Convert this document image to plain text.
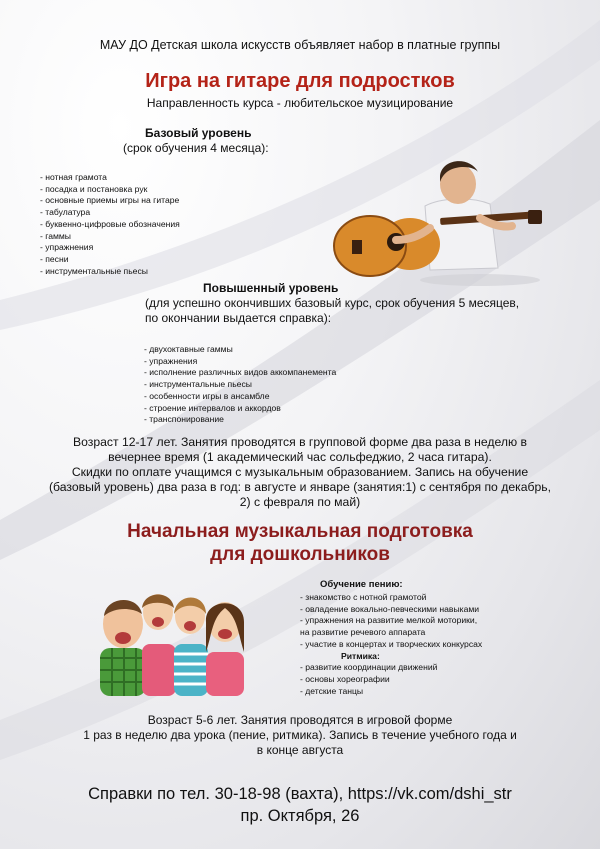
МАУ ДО Детская школа искусств объявляет набор в платные группы
Игра на гитаре для подростков
Направленность курса - любительское музицирование
Базовый уровень
(срок обучения 4 месяца):
- нотная грамота
- посадка и постановка рук
- основные приемы игры на гитаре
- табулатура
- буквенно-цифровые обозначения
- гаммы
- упражнения
- песни
- инструментальные пьесы
Повышенный уровень
(для успешно окончивших базовый курс, срок обучения 5 месяцев,
по окончании выдается справка):
- двухоктавные гаммы
- упражнения
- исполнение различных видов аккомпанемента
- инструментальные пьесы
- особенности игры в ансамбле
- строение интервалов и аккордов
- транспонирование
Возраст 12-17 лет. Занятия проводятся в групповой форме два раза в неделю в
вечернее время (1 академический час сольфеджио, 2 часа гитара).
Скидки по оплате учащимся с музыкальным образованием. Запись на обучение
(базовый уровень) два раза в год: в августе и январе (занятия:1) с сентября по декабрь,
2) с февраля по май)
Начальная музыкальная подготовка
для дошкольников
Обучение пению:
- знакомство с нотной грамотой
- овладение вокально-певческими навыками
- упражнения на развитие мелкой моторики,
на развитие речевого аппарата
- участие в концертах и творческих конкурсах
Ритмика:
- развитие координации движений
- основы хореографии
- детские танцы
Возраст 5-6 лет. Занятия проводятся в игровой форме
1 раз в неделю два урока (пение, ритмика). Запись в течение учебного года и
в конце августа
Справки по тел. 30-18-98 (вахта), https://vk.com/dshi_str
пр. Октября, 26
